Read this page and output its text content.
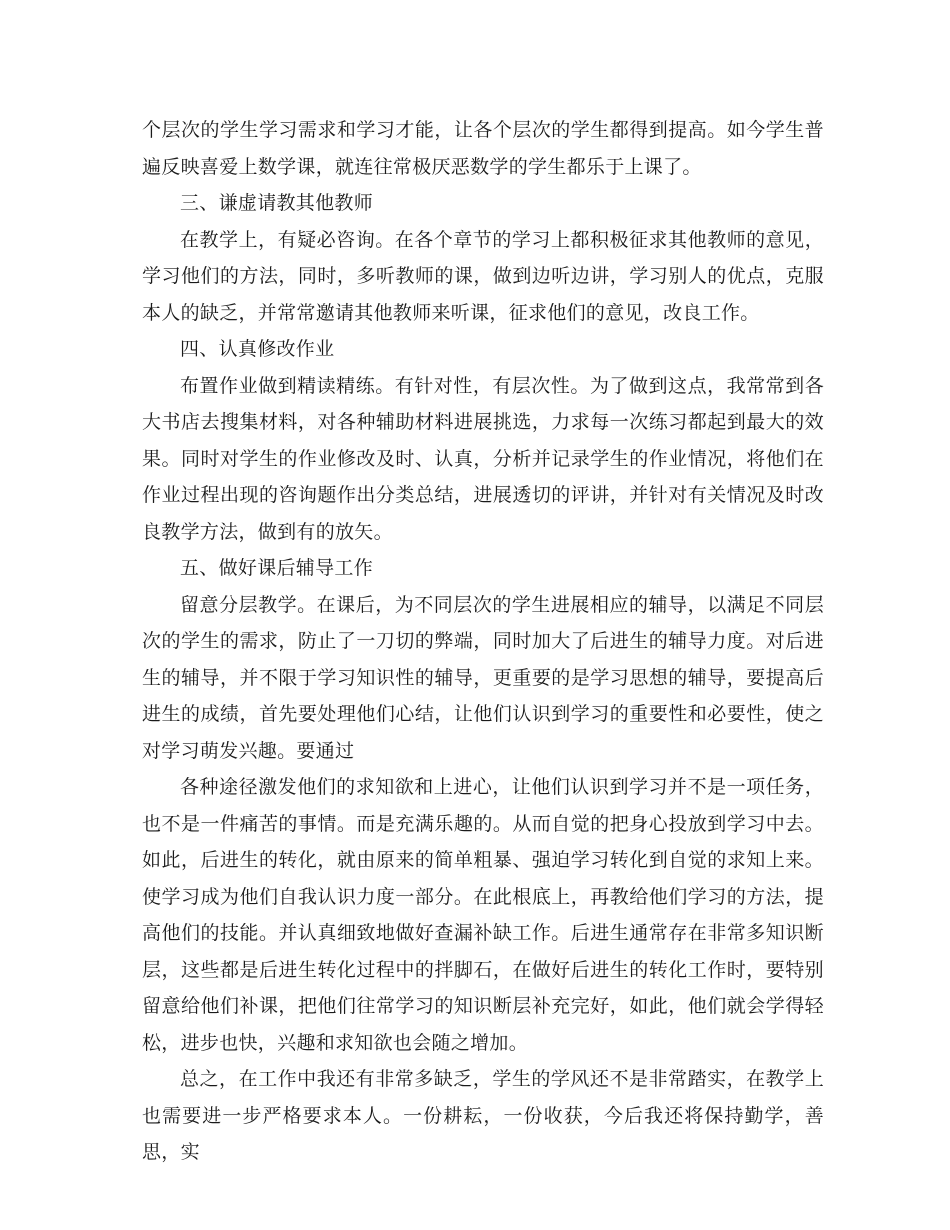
个层次的学生学习需求和学习才能，让各个层次的学生都得到提高。如今学生普遍反映喜爱上数学课，就连往常极厌恶数学的学生都乐于上课了。

三、谦虚请教其他教师

在教学上，有疑必咨询。在各个章节的学习上都积极征求其他教师的意见，学习他们的方法，同时，多听教师的课，做到边听边讲，学习别人的优点，克服本人的缺乏，并常常邀请其他教师来听课，征求他们的意见，改良工作。

四、认真修改作业

布置作业做到精读精练。有针对性，有层次性。为了做到这点，我常常到各大书店去搜集材料，对各种辅助材料进展挑选，力求每一次练习都起到最大的效果。同时对学生的作业修改及时、认真，分析并记录学生的作业情况，将他们在作业过程出现的咨询题作出分类总结，进展透切的评讲，并针对有关情况及时改良教学方法，做到有的放矢。

五、做好课后辅导工作

留意分层教学。在课后，为不同层次的学生进展相应的辅导，以满足不同层次的学生的需求，防止了一刀切的弊端，同时加大了后进生的辅导力度。对后进生的辅导，并不限于学习知识性的辅导，更重要的是学习思想的辅导，要提高后进生的成绩，首先要处理他们心结，让他们认识到学习的重要性和必要性，使之对学习萌发兴趣。要通过

各种途径激发他们的求知欲和上进心，让他们认识到学习并不是一项任务，也不是一件痛苦的事情。而是充满乐趣的。从而自觉的把身心投放到学习中去。如此，后进生的转化，就由原来的简单粗暴、强迫学习转化到自觉的求知上来。使学习成为他们自我认识力度一部分。在此根底上，再教给他们学习的方法，提高他们的技能。并认真细致地做好查漏补缺工作。后进生通常存在非常多知识断层，这些都是后进生转化过程中的拌脚石，在做好后进生的转化工作时，要特别留意给他们补课，把他们往常学习的知识断层补充完好，如此，他们就会学得轻松，进步也快，兴趣和求知欲也会随之增加。

总之，在工作中我还有非常多缺乏，学生的学风还不是非常踏实，在教学上也需要进一步严格要求本人。一份耕耘，一份收获，今后我还将保持勤学，善思，实
